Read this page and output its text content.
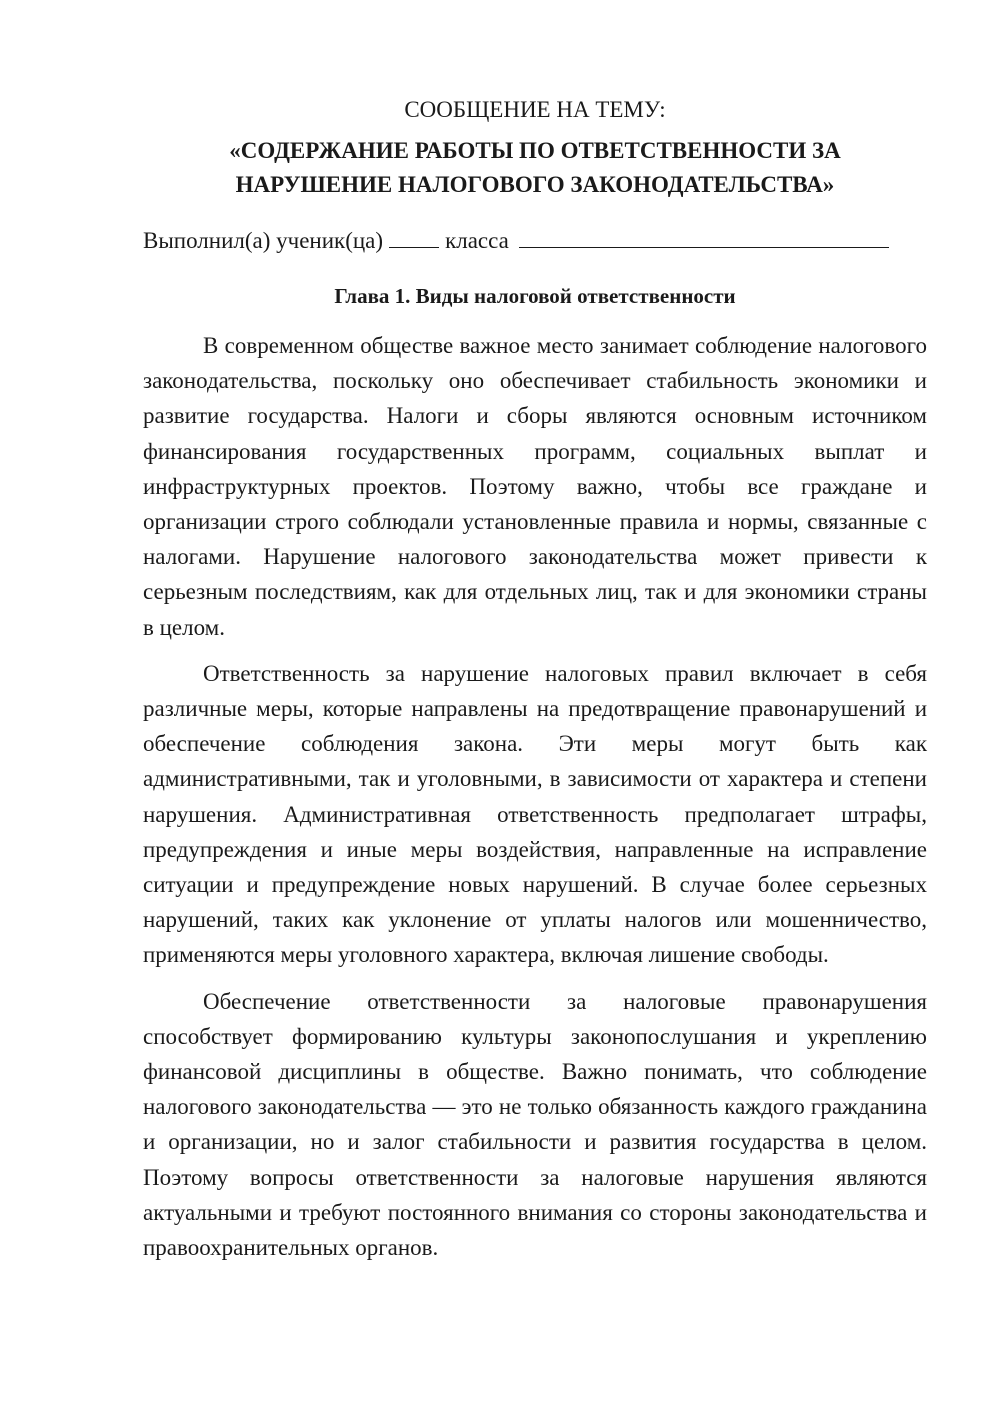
СООБЩЕНИЕ НА ТЕМУ:
«СОДЕРЖАНИЕ РАБОТЫ ПО ОТВЕТСТВЕННОСТИ ЗА
НАРУШЕНИЕ НАЛОГОВОГО ЗАКОНОДАТЕЛЬСТВА»
Выполнил(а) ученик(ца)	класса
Глава 1. Виды налоговой ответственности

В современном обществе важное место занимает соблюдение налогового законодательства, поскольку оно обеспечивает стабильность экономики и развитие государства. Налоги и сборы являются основным источником финансирования государственных программ, социальных выплат и инфраструктурных проектов. Поэтому важно, чтобы все граждане и организации строго соблюдали установленные правила и нормы, связанные с налогами. Нарушение налогового законодательства может привести к серьезным последствиям, как для отдельных лиц, так и для экономики страны в целом.

Ответственность за нарушение налоговых правил включает в себя различные меры, которые направлены на предотвращение правонарушений и обеспечение соблюдения закона. Эти меры могут быть как административными, так и уголовными, в зависимости от характера и степени нарушения. Административная ответственность предполагает штрафы, предупреждения и иные меры воздействия, направленные на исправление ситуации и предупреждение новых нарушений. В случае более серьезных нарушений, таких как уклонение от уплаты налогов или мошенничество, применяются меры уголовного характера, включая лишение свободы.

Обеспечение ответственности за налоговые правонарушения способствует формированию культуры законопослушания и укреплению финансовой дисциплины в обществе. Важно понимать, что соблюдение налогового законодательства — это не только обязанность каждого гражданина и организации, но и залог стабильности и развития государства в целом. Поэтому вопросы ответственности за налоговые нарушения являются актуальными и требуют постоянного внимания со стороны законодательства и правоохранительных органов.
